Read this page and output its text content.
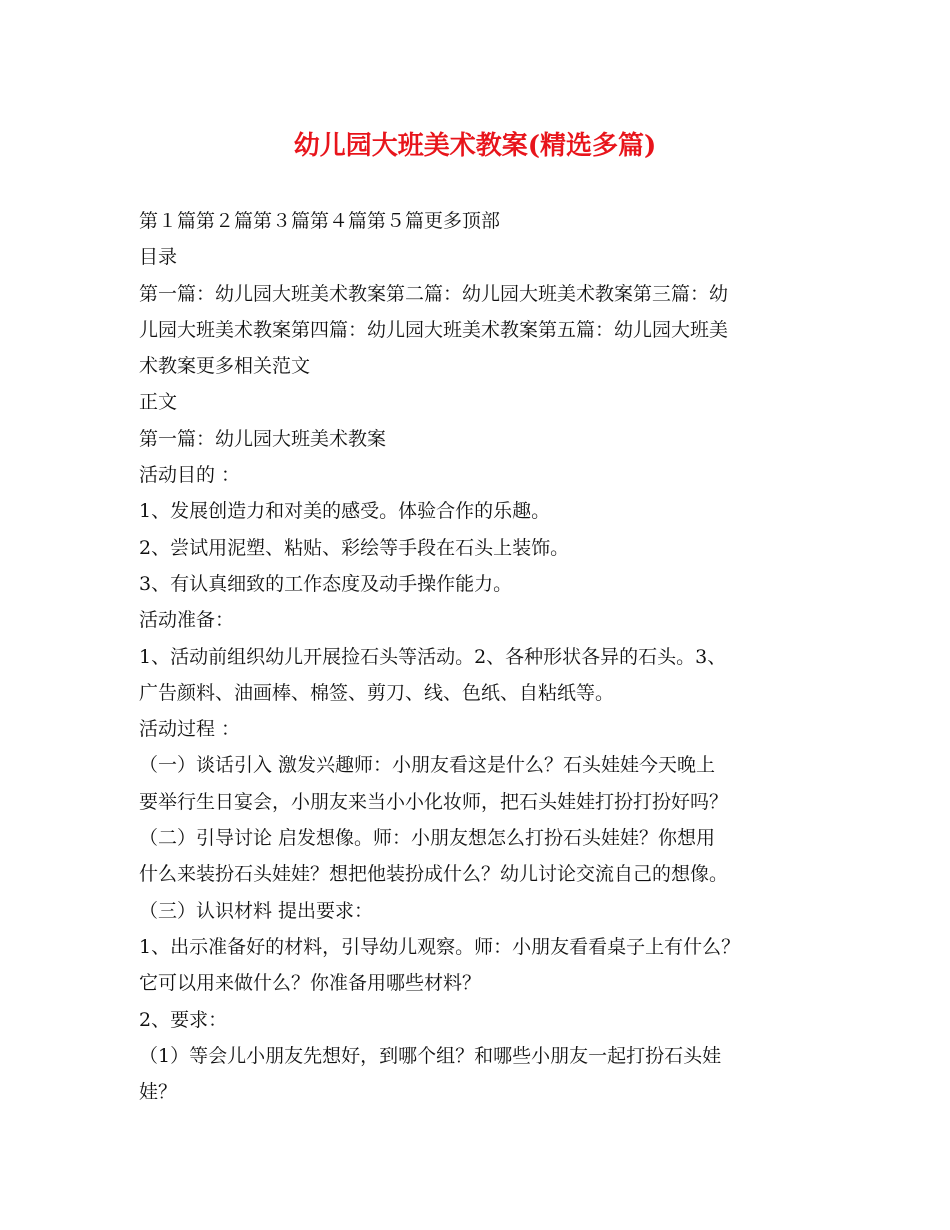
幼儿园大班美术教案(精选多篇)
第１篇第２篇第３篇第４篇第５篇更多顶部
目录
第一篇：幼儿园大班美术教案第二篇：幼儿园大班美术教案第三篇：幼
儿园大班美术教案第四篇：幼儿园大班美术教案第五篇：幼儿园大班美
术教案更多相关范文
正文
第一篇：幼儿园大班美术教案
活动目的 ：
1、发展创造力和对美的感受。体验合作的乐趣。
2、尝试用泥塑、粘贴、彩绘等手段在石头上装饰。
3、有认真细致的工作态度及动手操作能力。
活动准备：
1、活动前组织幼儿开展捡石头等活动。2、各种形状各异的石头。3、
广告颜料、油画棒、棉签、剪刀、线、色纸、自粘纸等。
活动过程 ：
（一）谈话引入 激发兴趣师：小朋友看这是什么？石头娃娃今天晚上
要举行生日宴会，小朋友来当小小化妆师，把石头娃娃打扮打扮好吗？
（二）引导讨论 启发想像。师：小朋友想怎么打扮石头娃娃？你想用
什么来装扮石头娃娃？想把他装扮成什么？幼儿讨论交流自己的想像。
（三）认识材料 提出要求：
1、出示准备好的材料，引导幼儿观察。师：小朋友看看桌子上有什么？
它可以用来做什么？你准备用哪些材料？
2、要求：
（1）等会儿小朋友先想好，到哪个组？和哪些小朋友一起打扮石头娃
娃？
